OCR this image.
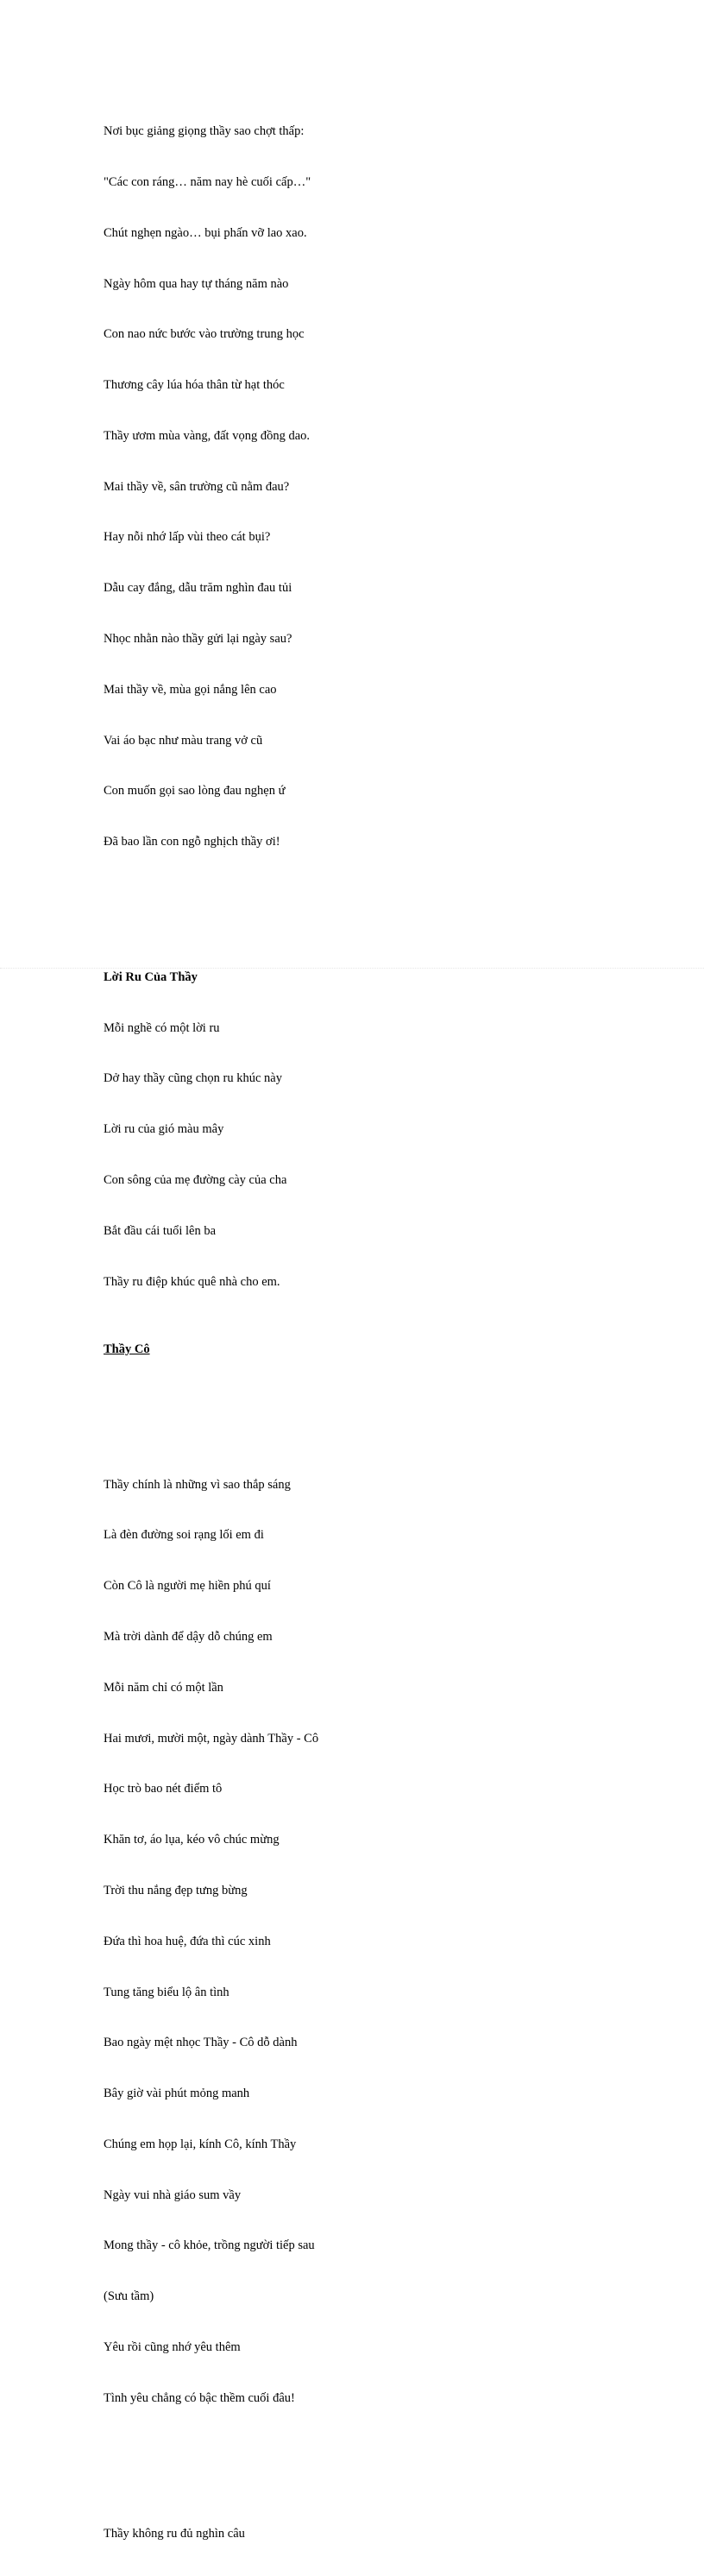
Nơi bục giảng giọng thầy sao chợt thấp:

"Các con ráng… năm nay hè cuối cấp…"

Chút nghẹn ngào… bụi phấn vỡ lao xao.

Ngày hôm qua hay tự tháng năm nào

Con nao nức bước vào trường trung học

Thương cây lúa hóa thân từ hạt thóc

Thầy ươm mùa vàng, đất vọng đồng dao.

Mai thầy về, sân trường cũ nằm đau?

Hay nỗi nhớ lấp vùi theo cát bụi?

Dẫu cay đắng, dẫu trăm nghìn đau tủi

Nhọc nhằn nào thầy gửi lại ngày sau?

Mai thầy về, mùa gọi nắng lên cao

Vai áo bạc như màu trang vở cũ

Con muốn gọi sao lòng đau nghẹn ứ

Đã bao lần con ngỗ nghịch thầy ơi!

Lời Ru Của Thầy

Mỗi nghề có một lời ru

Dở hay thầy cũng chọn ru khúc này

Lời ru của gió màu mây

Con sông của mẹ đường cày của cha

Bắt đầu cái tuổi lên ba

Thầy ru điệp khúc quê nhà cho em.

Thầy Cô

Thầy chính là những vì sao thắp sáng

Là đèn đường soi rạng lối em đi

Còn Cô là người mẹ hiền phú quí

Mà trời dành để dậy dỗ chúng em

Mỗi năm chỉ có một lần

Hai mươi, mười một, ngày dành Thầy - Cô

Học trò bao nét điểm tô

Khăn tơ, áo lụa, kéo vô chúc mừng

Trời thu nắng đẹp tưng bừng

Đứa thì hoa huệ, đứa thì cúc xinh

Tung tăng biểu lộ ân tình

Bao ngày mệt nhọc Thầy - Cô dỗ dành

Bây giờ vài phút mỏng manh

Chúng em họp lại, kính Cô, kính Thầy

Ngày vui nhà giáo sum vầy

Mong thầy - cô khỏe, trồng người tiếp sau

(Sưu tầm)

Yêu rồi cũng nhớ yêu thêm

Tình yêu chẳng có bậc thềm cuối đâu!

Thầy không ru đủ nghìn câu
